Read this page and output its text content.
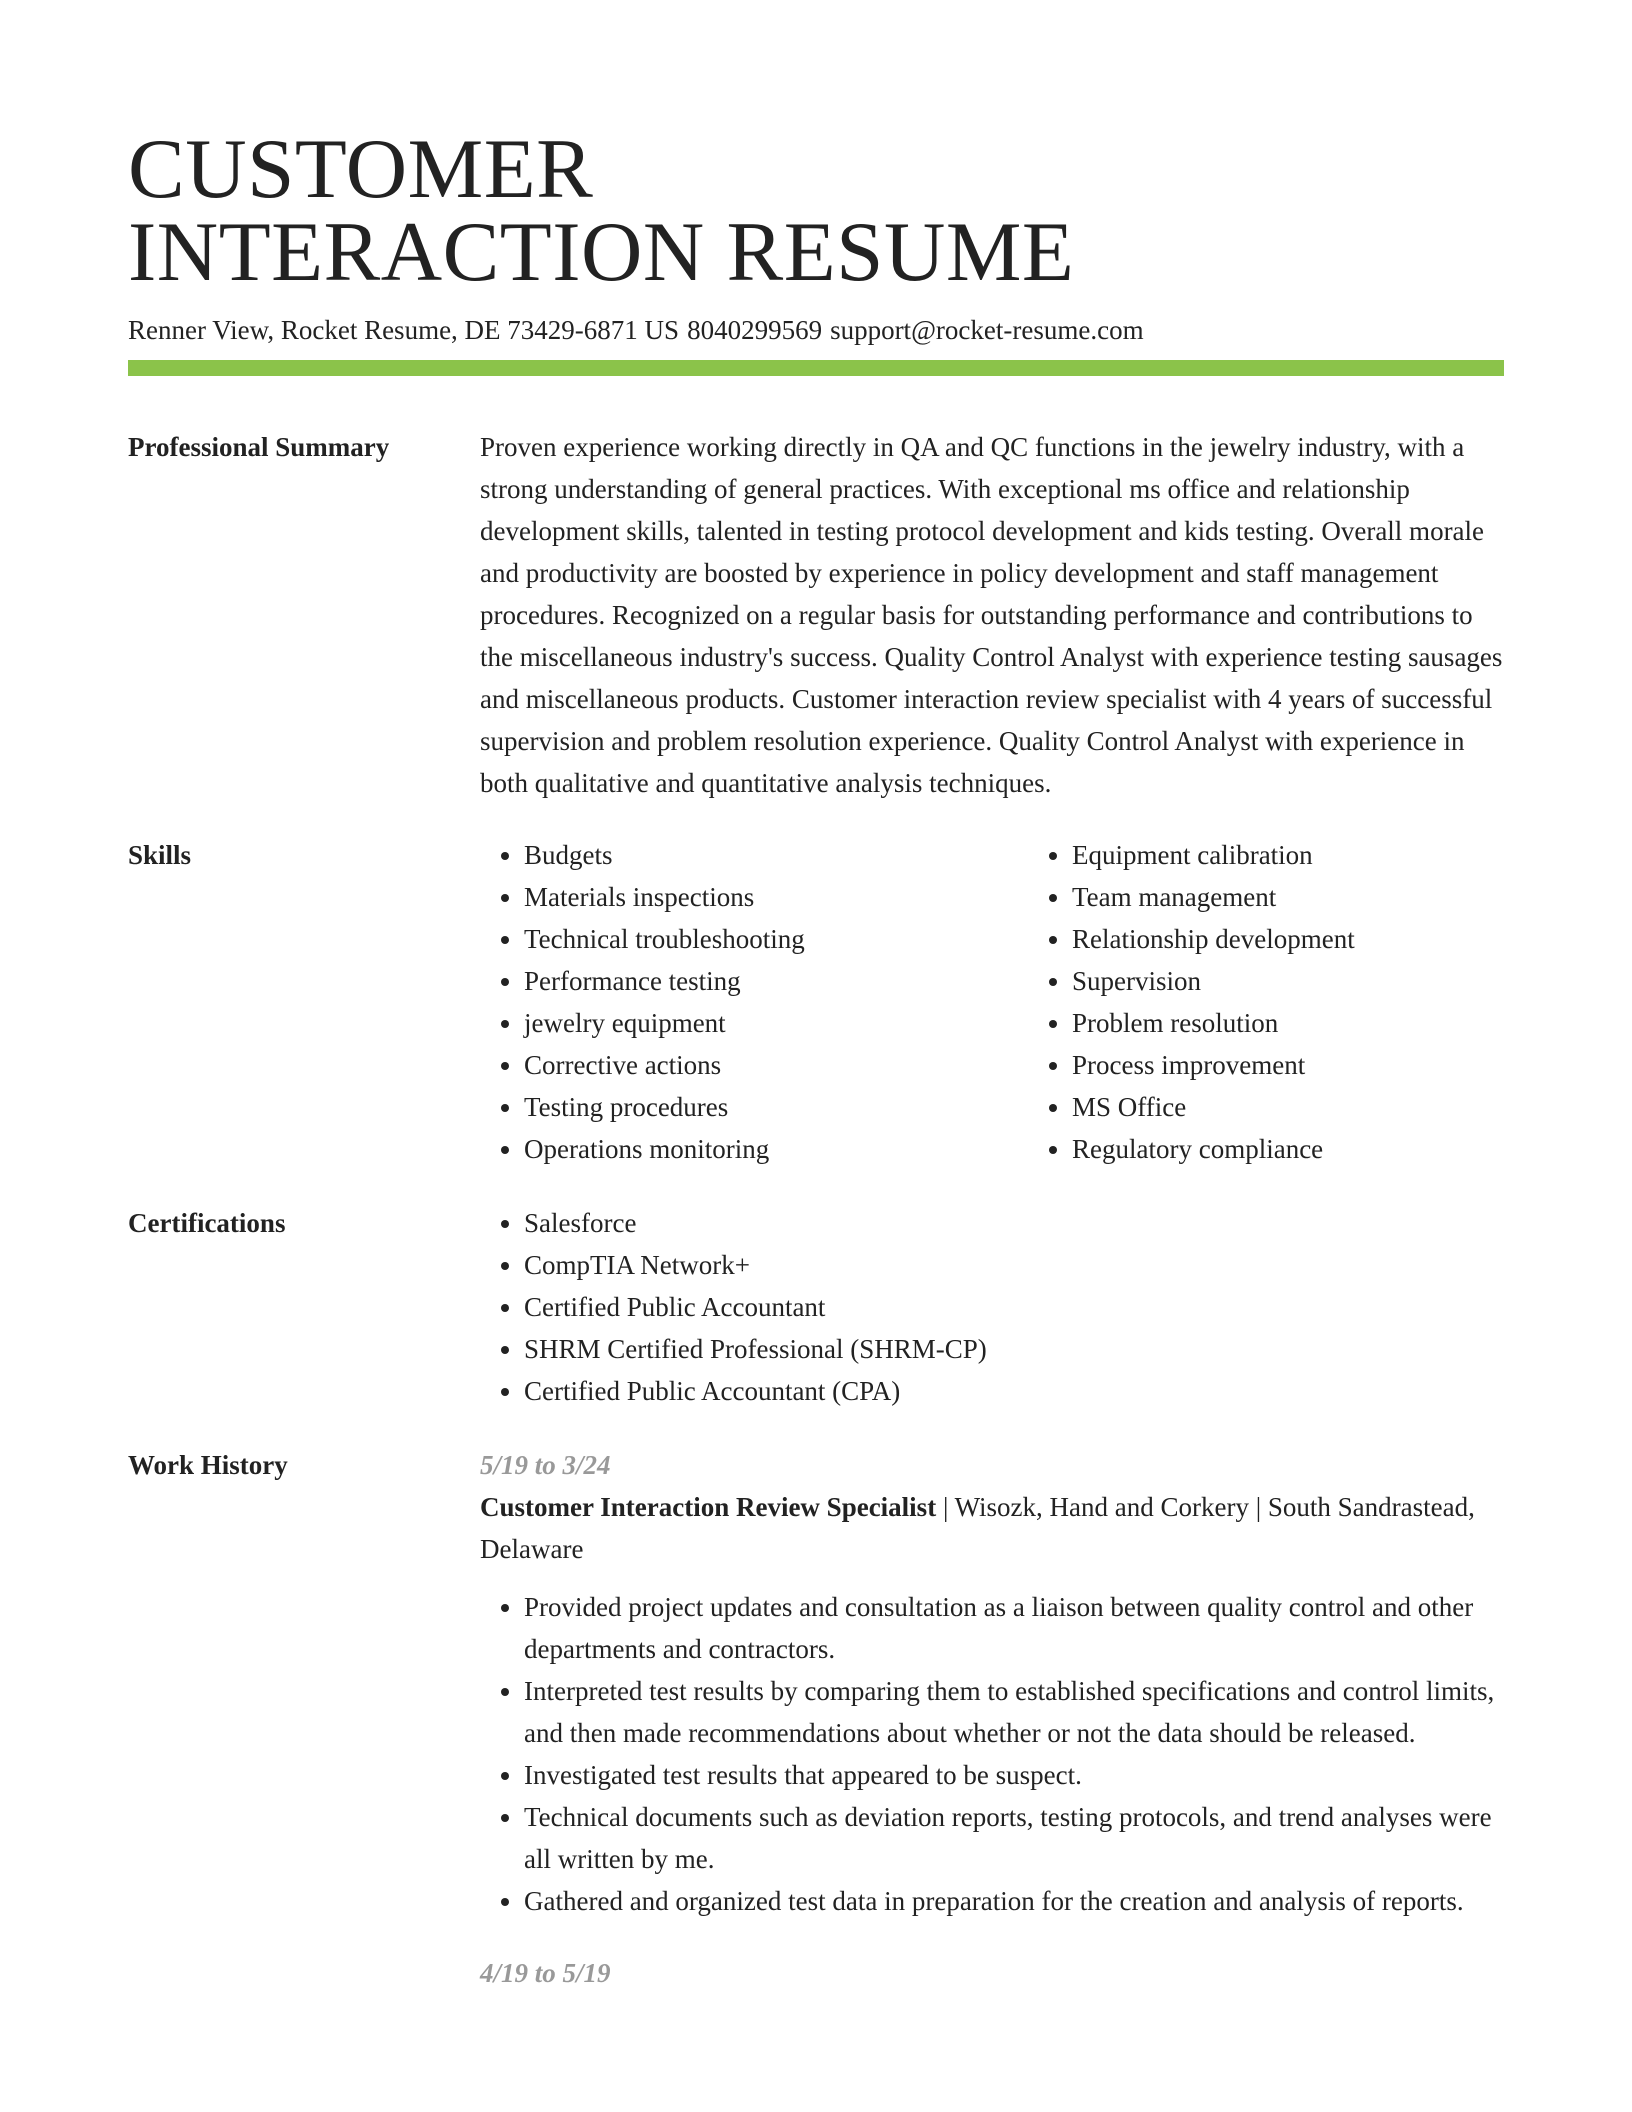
CUSTOMER
INTERACTION RESUME
Renner View, Rocket Resume, DE 73429-6871 US 8040299569 support@rocket-resume.com
Professional Summary	Proven experience working directly in QA and QC functions in the jewelry industry, with a strong understanding of general practices. With exceptional ms office and relationship development skills, talented in testing protocol development and kids testing. Overall morale and productivity are boosted by experience in policy development and staff management procedures. Recognized on a regular basis for outstanding performance and contributions to the miscellaneous industry's success. Quality Control Analyst with experience testing sausages and miscellaneous products. Customer interaction review specialist with 4 years of successful supervision and problem resolution experience. Quality Control Analyst with experience in both qualitative and quantitative analysis techniques.
Skills	• Budgets
• Materials inspections
• Technical troubleshooting
• Performance testing
• jewelry equipment
• Corrective actions
• Testing procedures
• Operations monitoring
• Equipment calibration
• Team management
• Relationship development
• Supervision
• Problem resolution
• Process improvement
• MS Office
• Regulatory compliance
Certifications	• Salesforce
• CompTIA Network+
• Certified Public Accountant
• SHRM Certified Professional (SHRM-CP)
• Certified Public Accountant (CPA)
Work History	5/19 to 3/24
Customer Interaction Review Specialist | Wisozk, Hand and Corkery | South Sandrastead, Delaware
• Provided project updates and consultation as a liaison between quality control and other departments and contractors.
• Interpreted test results by comparing them to established specifications and control limits, and then made recommendations about whether or not the data should be released.
• Investigated test results that appeared to be suspect.
• Technical documents such as deviation reports, testing protocols, and trend analyses were all written by me.
• Gathered and organized test data in preparation for the creation and analysis of reports.
4/19 to 5/19
